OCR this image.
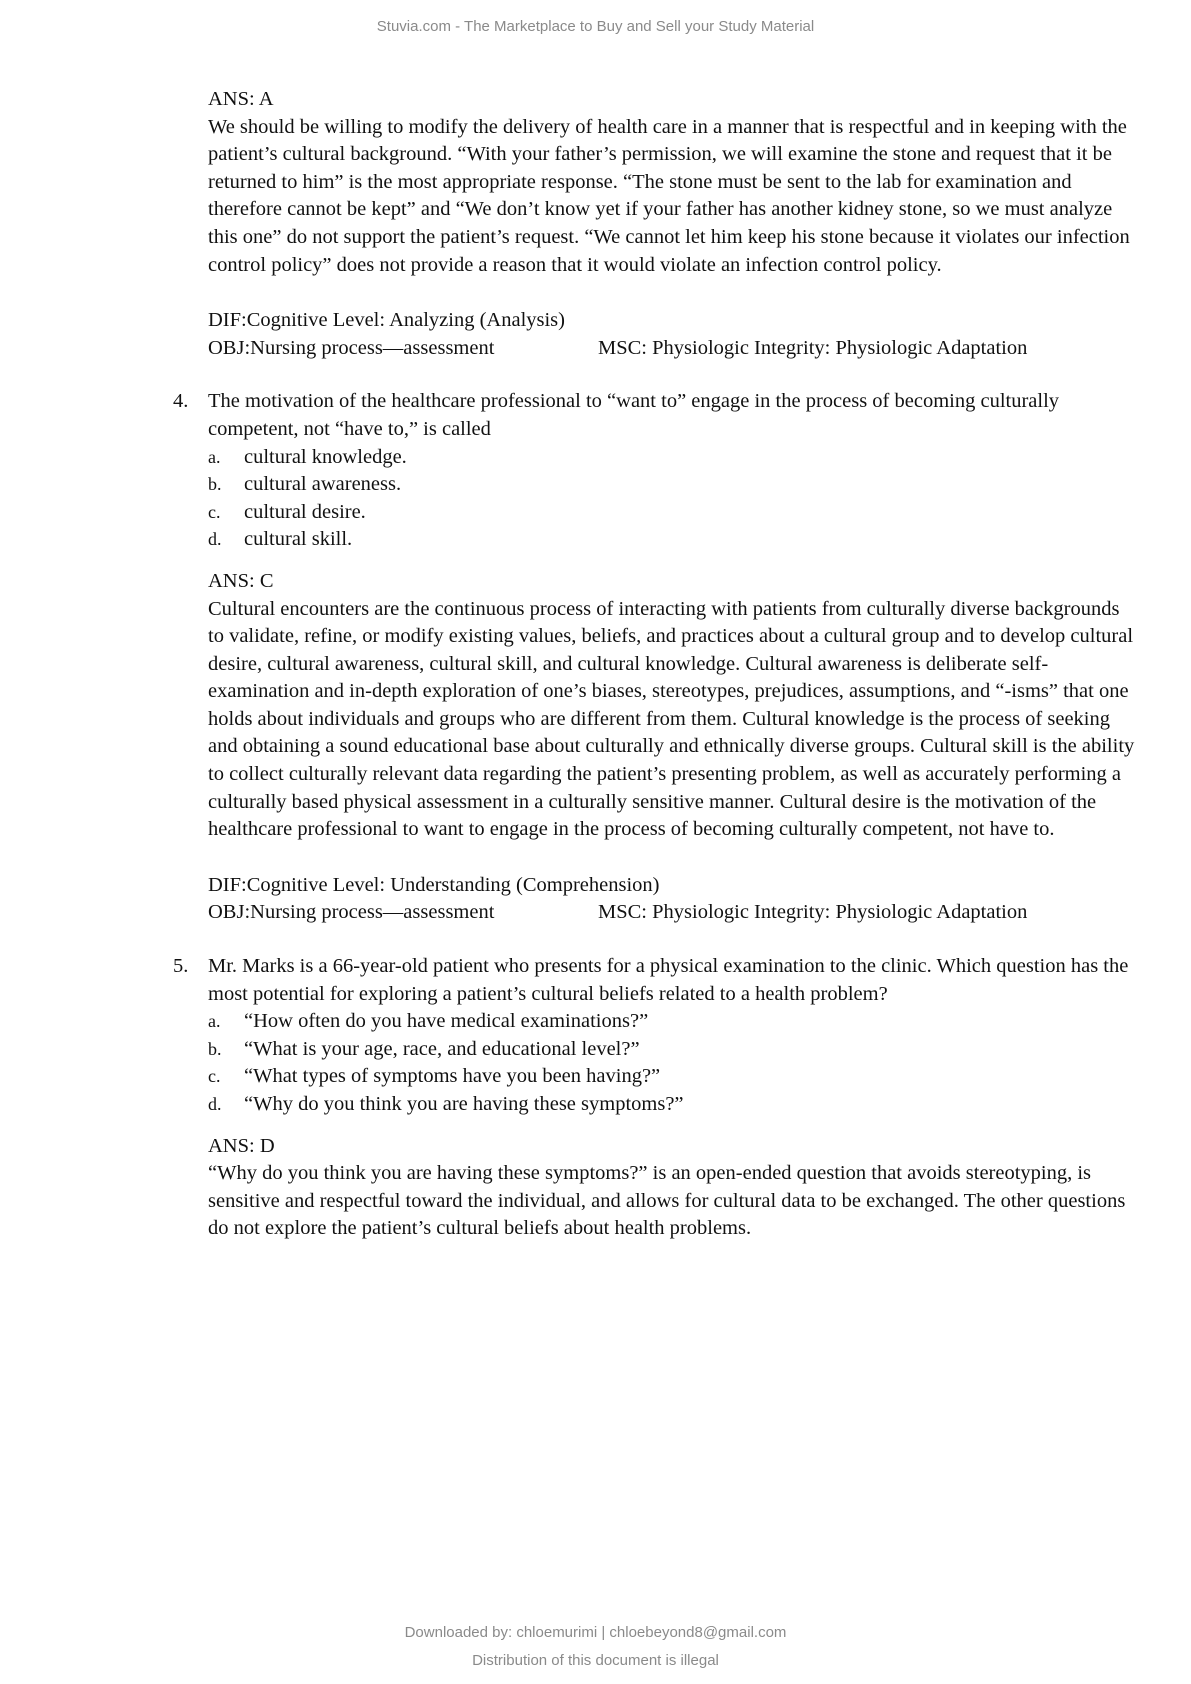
Stuvia.com - The Marketplace to Buy and Sell your Study Material

ANS: A

We should be willing to modify the delivery of health care in a manner that is respectful and in keeping with the patient’s cultural background. “With your father’s permission, we will examine the stone and request that it be returned to him” is the most appropriate response. “The stone must be sent to the lab for examination and therefore cannot be kept” and “We don’t know yet if your father has another kidney stone, so we must analyze this one” do not support the patient’s request. “We cannot let him keep his stone because it violates our infection control policy” does not provide a reason that it would violate an infection control policy.

DIF:Cognitive Level: Analyzing (Analysis)
OBJ:Nursing process—assessment	MSC: Physiologic Integrity: Physiologic Adaptation
4. The motivation of the healthcare professional to “want to” engage in the process of becoming culturally competent, not “have to,” is called

a. cultural knowledge.
b. cultural awareness.
c. cultural desire.
d. cultural skill.

ANS: C

Cultural encounters are the continuous process of interacting with patients from culturally diverse backgrounds to validate, refine, or modify existing values, beliefs, and practices about a cultural group and to develop cultural desire, cultural awareness, cultural skill, and cultural knowledge. Cultural awareness is deliberate self-examination and in-depth exploration of one’s biases, stereotypes, prejudices, assumptions, and “-isms” that one holds about individuals and groups who are different from them. Cultural knowledge is the process of seeking and obtaining a sound educational base about culturally and ethnically diverse groups. Cultural skill is the ability to collect culturally relevant data regarding the patient’s presenting problem, as well as accurately performing a culturally based physical assessment in a culturally sensitive manner. Cultural desire is the motivation of the healthcare professional to want to engage in the process of becoming culturally competent, not have to.

DIF:Cognitive Level: Understanding (Comprehension)
OBJ:Nursing process—assessment	MSC: Physiologic Integrity: Physiologic Adaptation
5. Mr. Marks is a 66-year-old patient who presents for a physical examination to the clinic. Which question has the most potential for exploring a patient’s cultural beliefs related to a health problem?

a. “How often do you have medical examinations?”
b. “What is your age, race, and educational level?”
c. “What types of symptoms have you been having?”
d. “Why do you think you are having these symptoms?”

ANS: D

“Why do you think you are having these symptoms?” is an open-ended question that avoids stereotyping, is sensitive and respectful toward the individual, and allows for cultural data to be exchanged. The other questions do not explore the patient’s cultural beliefs about health problems.

Downloaded by: chloemurimi | chloebeyond8@gmail.com
Distribution of this document is illegal
